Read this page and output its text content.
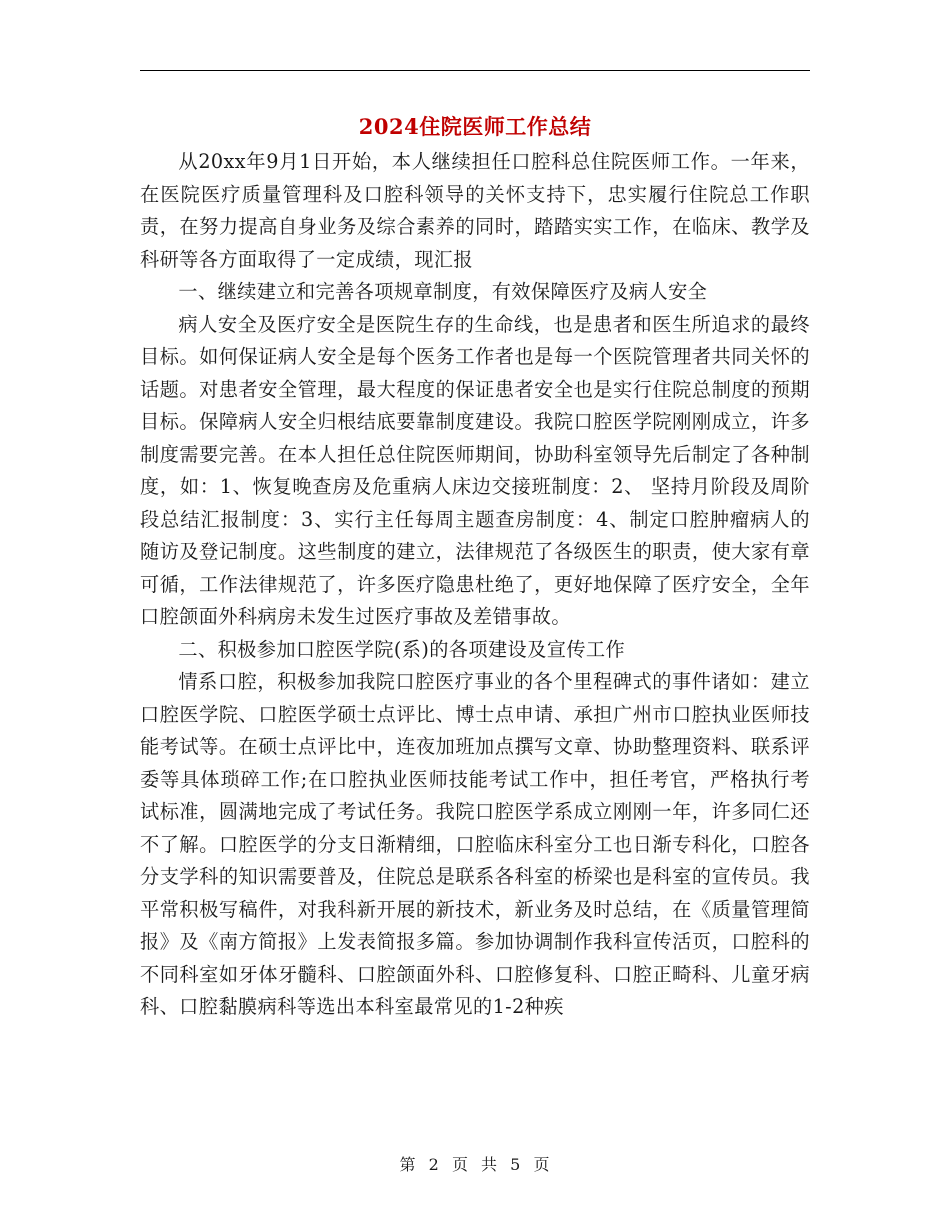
2024住院医师工作总结

从20xx年9月1日开始，本人继续担任口腔科总住院医师工作。一年来，在医院医疗质量管理科及口腔科领导的关怀支持下，忠实履行住院总工作职责，在努力提高自身业务及综合素养的同时，踏踏实实工作，在临床、教学及科研等各方面取得了一定成绩，现汇报

一、继续建立和完善各项规章制度，有效保障医疗及病人安全

病人安全及医疗安全是医院生存的生命线，也是患者和医生所追求的最终目标。如何保证病人安全是每个医务工作者也是每一个医院管理者共同关怀的话题。对患者安全管理，最大程度的保证患者安全也是实行住院总制度的预期目标。保障病人安全归根结底要靠制度建设。我院口腔医学院刚刚成立，许多制度需要完善。在本人担任总住院医师期间，协助科室领导先后制定了各种制度，如：1、恢复晚查房及危重病人床边交接班制度：2、 坚持月阶段及周阶段总结汇报制度：3、实行主任每周主题查房制度：4、制定口腔肿瘤病人的随访及登记制度。这些制度的建立，法律规范了各级医生的职责，使大家有章可循，工作法律规范了，许多医疗隐患杜绝了，更好地保障了医疗安全，全年口腔颌面外科病房未发生过医疗事故及差错事故。

二、积极参加口腔医学院(系)的各项建设及宣传工作

情系口腔，积极参加我院口腔医疗事业的各个里程碑式的事件诸如：建立口腔医学院、口腔医学硕士点评比、博士点申请、承担广州市口腔执业医师技能考试等。在硕士点评比中，连夜加班加点撰写文章、协助整理资料、联系评委等具体琐碎工作;在口腔执业医师技能考试工作中，担任考官，严格执行考试标准，圆满地完成了考试任务。我院口腔医学系成立刚刚一年，许多同仁还不了解。口腔医学的分支日渐精细，口腔临床科室分工也日渐专科化，口腔各分支学科的知识需要普及，住院总是联系各科室的桥梁也是科室的宣传员。我平常积极写稿件，对我科新开展的新技术，新业务及时总结，在《质量管理简报》及《南方简报》上发表简报多篇。参加协调制作我科宣传活页，口腔科的不同科室如牙体牙髓科、口腔颌面外科、口腔修复科、口腔正畸科、儿童牙病科、口腔黏膜病科等选出本科室最常见的1-2种疾

第 2 页 共 5 页
